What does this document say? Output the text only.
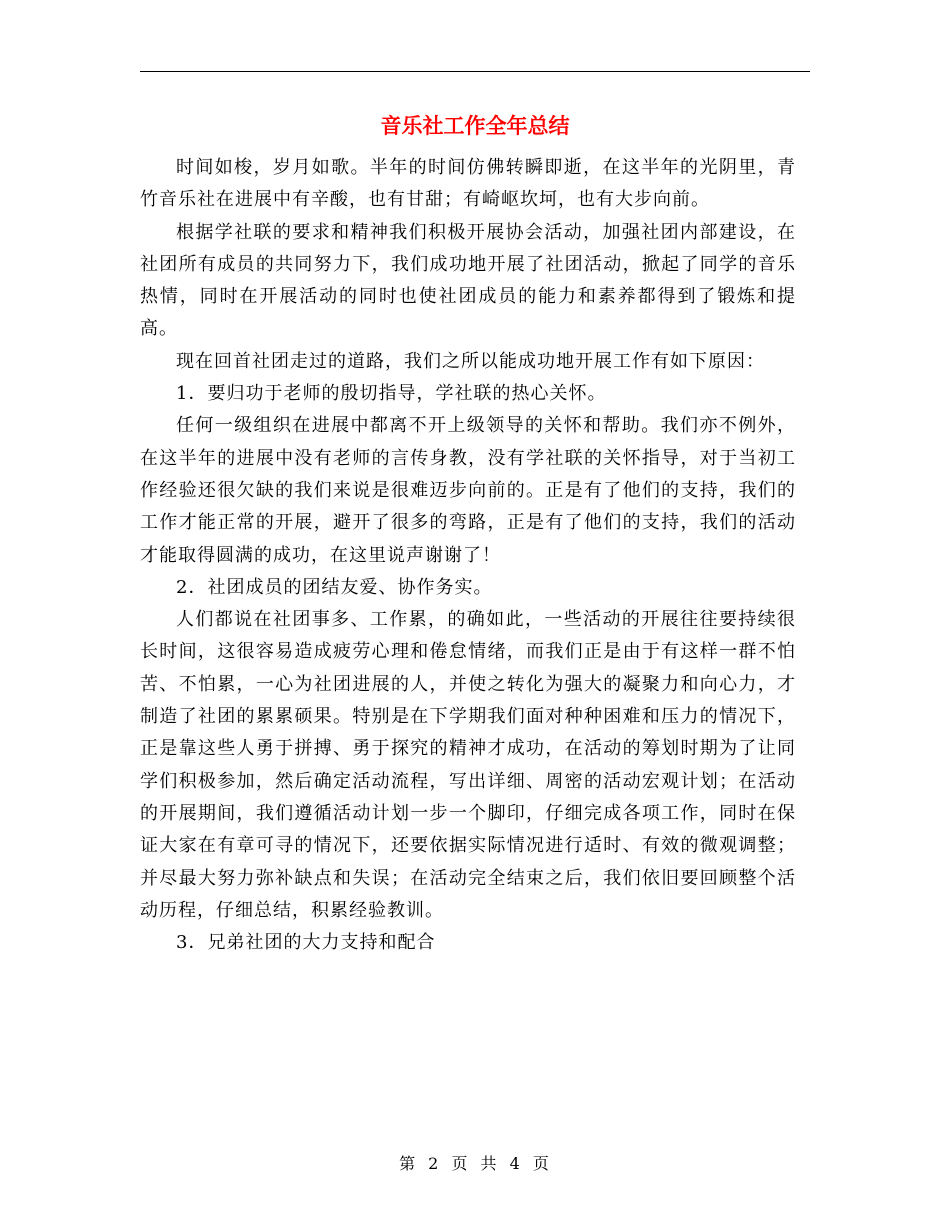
音乐社工作全年总结

时间如梭，岁月如歌。半年的时间仿佛转瞬即逝，在这半年的光阴里，青竹音乐社在进展中有辛酸，也有甘甜；有崎岖坎坷，也有大步向前。

根据学社联的要求和精神我们积极开展协会活动，加强社团内部建设，在社团所有成员的共同努力下，我们成功地开展了社团活动，掀起了同学的音乐热情，同时在开展活动的同时也使社团成员的能力和素养都得到了锻炼和提高。

现在回首社团走过的道路，我们之所以能成功地开展工作有如下原因：

1．要归功于老师的殷切指导，学社联的热心关怀。

任何一级组织在进展中都离不开上级领导的关怀和帮助。我们亦不例外，在这半年的进展中没有老师的言传身教，没有学社联的关怀指导，对于当初工作经验还很欠缺的我们来说是很难迈步向前的。正是有了他们的支持，我们的工作才能正常的开展，避开了很多的弯路，正是有了他们的支持，我们的活动才能取得圆满的成功，在这里说声谢谢了！

2．社团成员的团结友爱、协作务实。

人们都说在社团事多、工作累，的确如此，一些活动的开展往往要持续很长时间，这很容易造成疲劳心理和倦怠情绪，而我们正是由于有这样一群不怕苦、不怕累，一心为社团进展的人，并使之转化为强大的凝聚力和向心力，才制造了社团的累累硕果。特别是在下学期我们面对种种困难和压力的情况下，正是靠这些人勇于拼搏、勇于探究的精神才成功，在活动的筹划时期为了让同学们积极参加，然后确定活动流程，写出详细、周密的活动宏观计划；在活动的开展期间，我们遵循活动计划一步一个脚印，仔细完成各项工作，同时在保证大家在有章可寻的情况下，还要依据实际情况进行适时、有效的微观调整；并尽最大努力弥补缺点和失误；在活动完全结束之后，我们依旧要回顾整个活动历程，仔细总结，积累经验教训。

3．兄弟社团的大力支持和配合

第 2 页 共 4 页
